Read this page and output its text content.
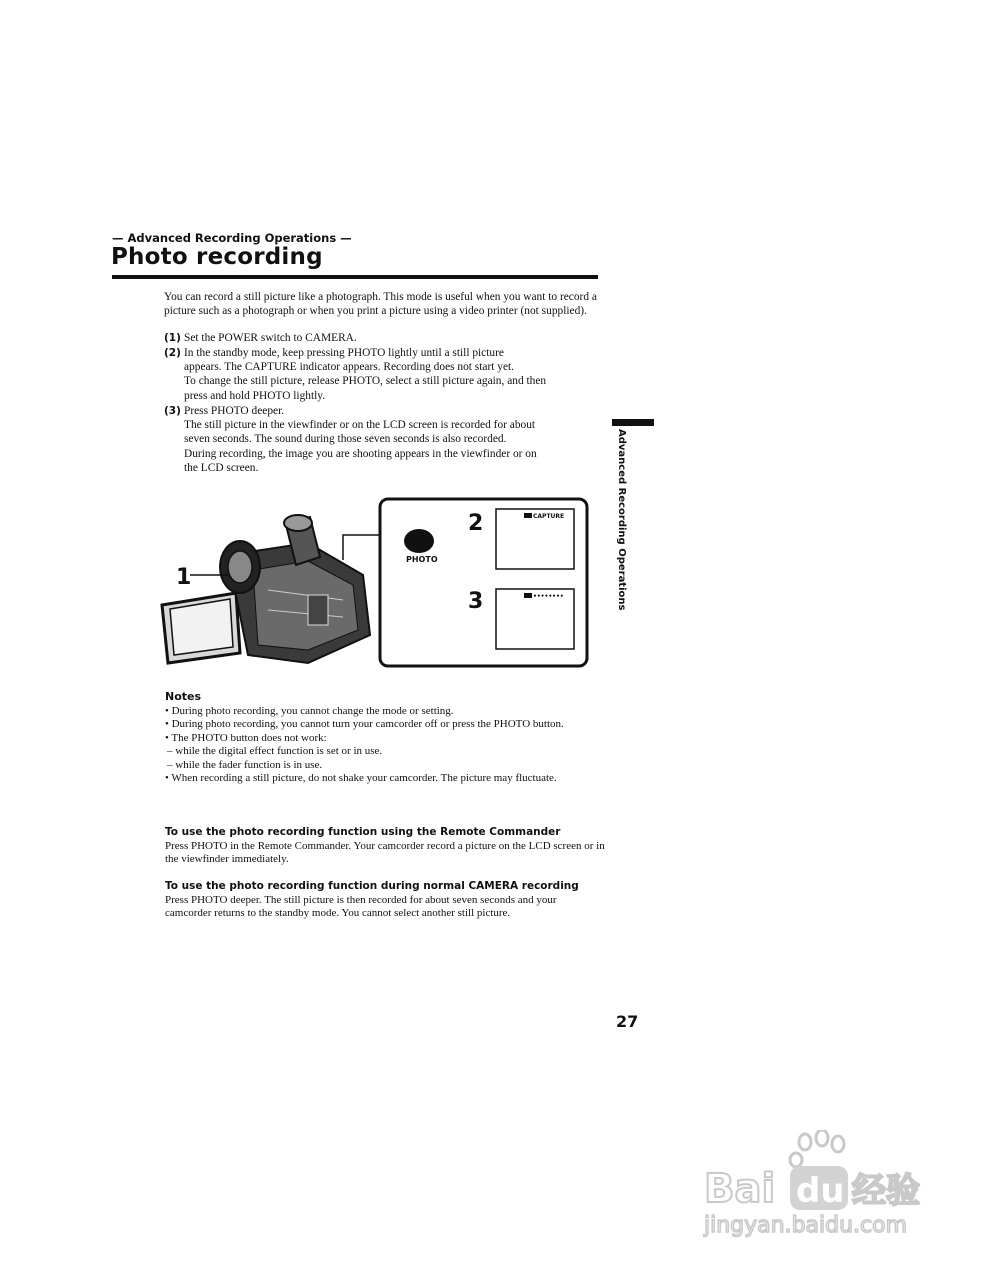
— Advanced Recording Operations —
Photo recording
You can record a still picture like a photograph. This mode is useful when you want to record a picture such as a photograph or when you print a picture using a video printer (not supplied).
(1) Set the POWER switch to CAMERA.
(2) In the standby mode, keep pressing PHOTO lightly until a still picture
appears. The CAPTURE indicator appears. Recording does not start yet.
To change the still picture, release PHOTO, select a still picture again, and then
press and hold PHOTO lightly.
(3) Press PHOTO deeper.
The still picture in the viewfinder or on the LCD screen is recorded for about
seven seconds. The sound during those seven seconds is also recorded.
During recording, the image you are shooting appears in the viewfinder or on
the LCD screen.	Advanced Recording Operations
1
PHOTO
2	CAPTURE
3	••••••••
Notes
• During photo recording, you cannot change the mode or setting.
• During photo recording, you cannot turn your camcorder off or press the PHOTO button.
• The PHOTO button does not work:
– while the digital effect function is set or in use.
– while the fader function is in use.
• When recording a still picture, do not shake your camcorder. The picture may fluctuate.
To use the photo recording function using the Remote Commander
Press PHOTO in the Remote Commander. Your camcorder record a picture on the LCD screen or in the viewfinder immediately.
To use the photo recording function during normal CAMERA recording
Press PHOTO deeper. The still picture is then recorded for about seven seconds and your camcorder returns to the standby mode. You cannot select another still picture.
27
Bai du 经验
jingyan.baidu.com
